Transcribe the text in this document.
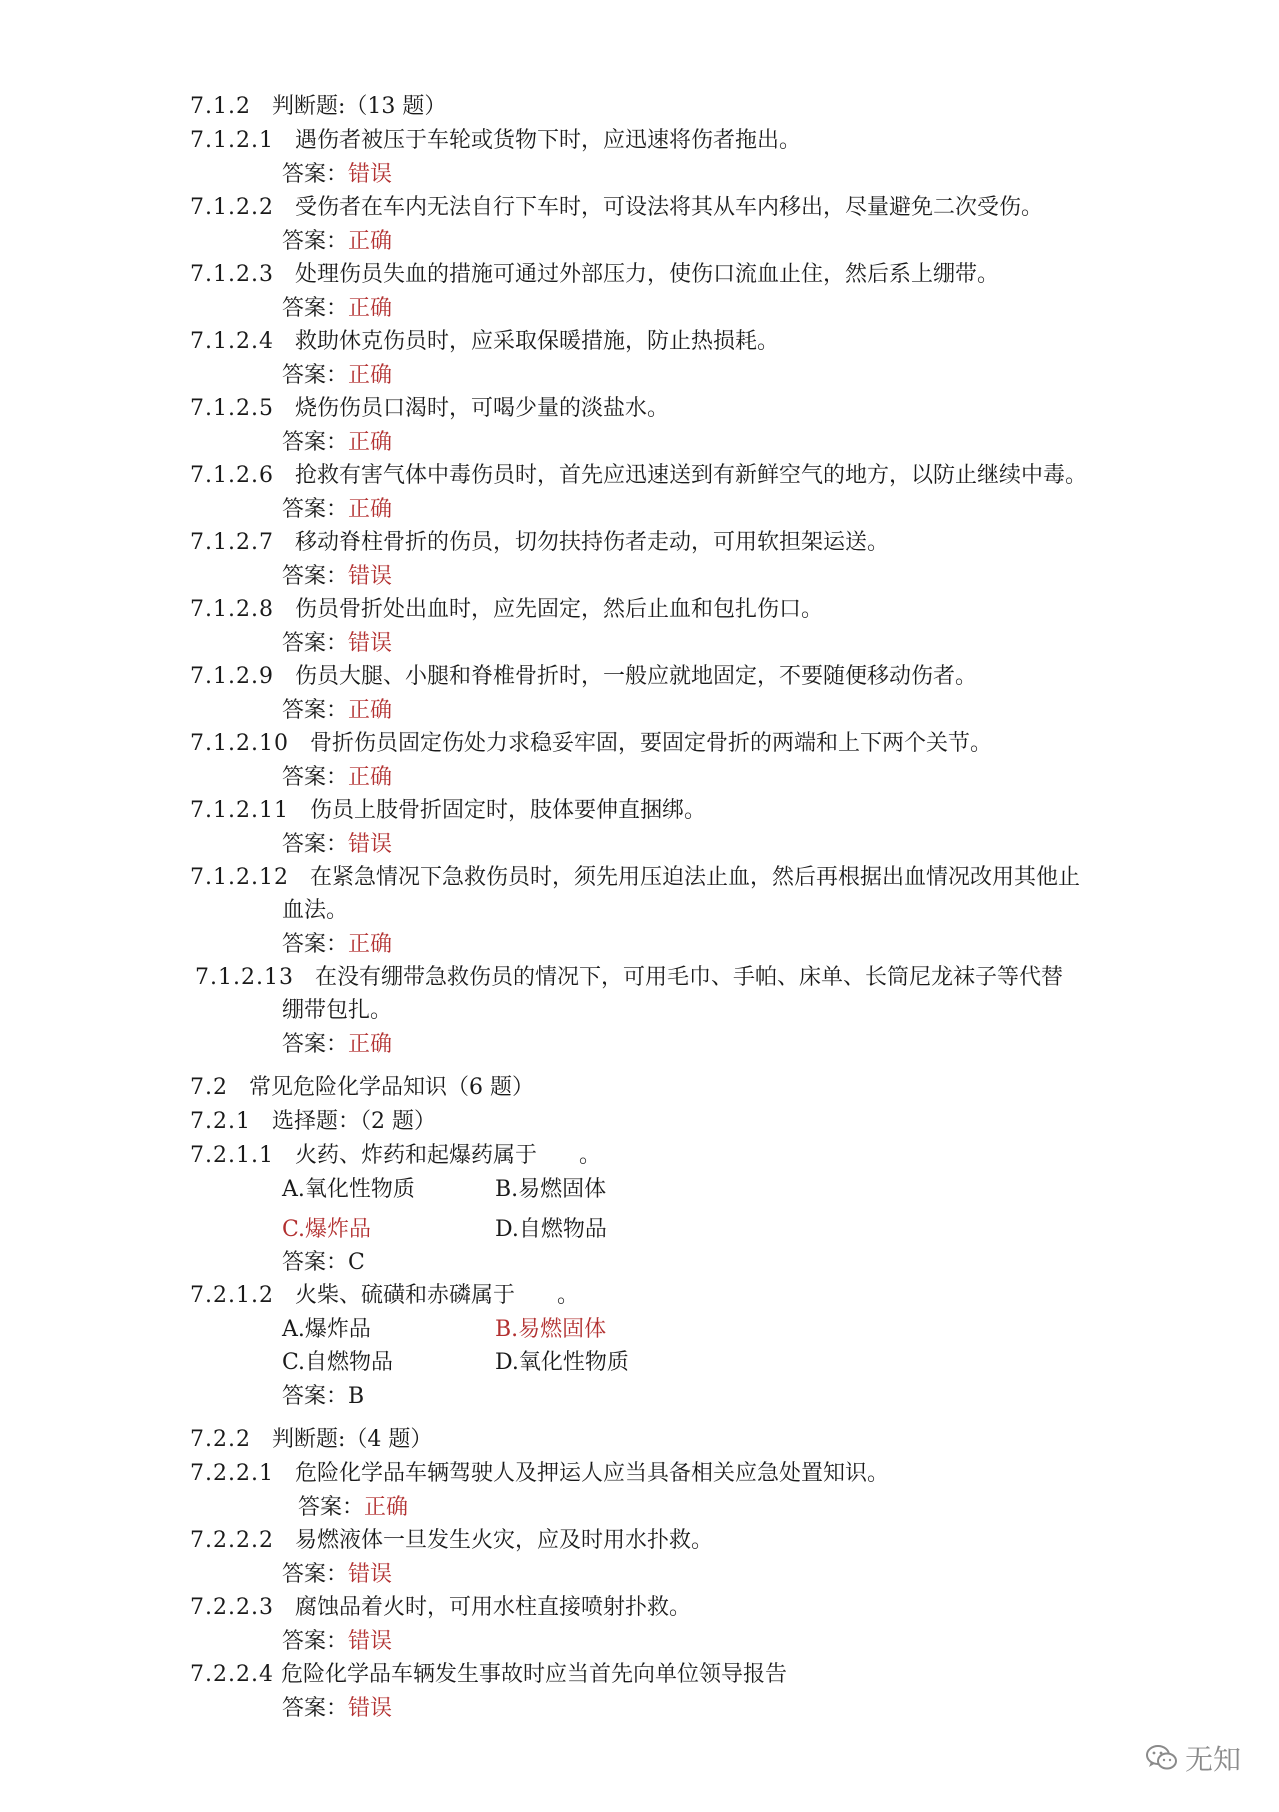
7.1.2 判断题:（13 题）
7.1.2.1 遇伤者被压于车轮或货物下时，应迅速将伤者拖出。
答案：错误
7.1.2.2 受伤者在车内无法自行下车时，可设法将其从车内移出，尽量避免二次受伤。
答案：正确
7.1.2.3 处理伤员失血的措施可通过外部压力，使伤口流血止住，然后系上绷带。
答案：正确
7.1.2.4 救助休克伤员时，应采取保暖措施，防止热损耗。
答案：正确
7.1.2.5 烧伤伤员口渴时，可喝少量的淡盐水。
答案：正确
7.1.2.6 抢救有害气体中毒伤员时，首先应迅速送到有新鲜空气的地方，以防止继续中毒。
答案：正确
7.1.2.7 移动脊柱骨折的伤员，切勿扶持伤者走动，可用软担架运送。
答案：错误
7.1.2.8 伤员骨折处出血时，应先固定，然后止血和包扎伤口。
答案：错误
7.1.2.9 伤员大腿、小腿和脊椎骨折时，一般应就地固定，不要随便移动伤者。
答案：正确
7.1.2.10 骨折伤员固定伤处力求稳妥牢固，要固定骨折的两端和上下两个关节。
答案：正确
7.1.2.11 伤员上肢骨折固定时，肢体要伸直捆绑。
答案：错误
7.1.2.12 在紧急情况下急救伤员时，须先用压迫法止血，然后再根据出血情况改用其他止
血法。
答案：正确
7.1.2.13 在没有绷带急救伤员的情况下，可用毛巾、手帕、床单、长筒尼龙袜子等代替
绷带包扎。
答案：正确
7.2 常见危险化学品知识（6 题）
7.2.1 选择题：（2 题）
7.2.1.1 火药、炸药和起爆药属于 。
A.氧化性物质	B.易燃固体
C.爆炸品	D.自燃物品
答案：C
7.2.1.2 火柴、硫磺和赤磷属于 。
A.爆炸品	B.易燃固体
C.自燃物品	D.氧化性物质
答案：B
7.2.2 判断题:（4 题）
7.2.2.1 危险化学品车辆驾驶人及押运人应当具备相关应急处置知识。
答案：正确
7.2.2.2 易燃液体一旦发生火灾，应及时用水扑救。
答案：错误
7.2.2.3 腐蚀品着火时，可用水柱直接喷射扑救。
答案：错误
7.2.2.4 危险化学品车辆发生事故时应当首先向单位领导报告
答案：错误
无知
